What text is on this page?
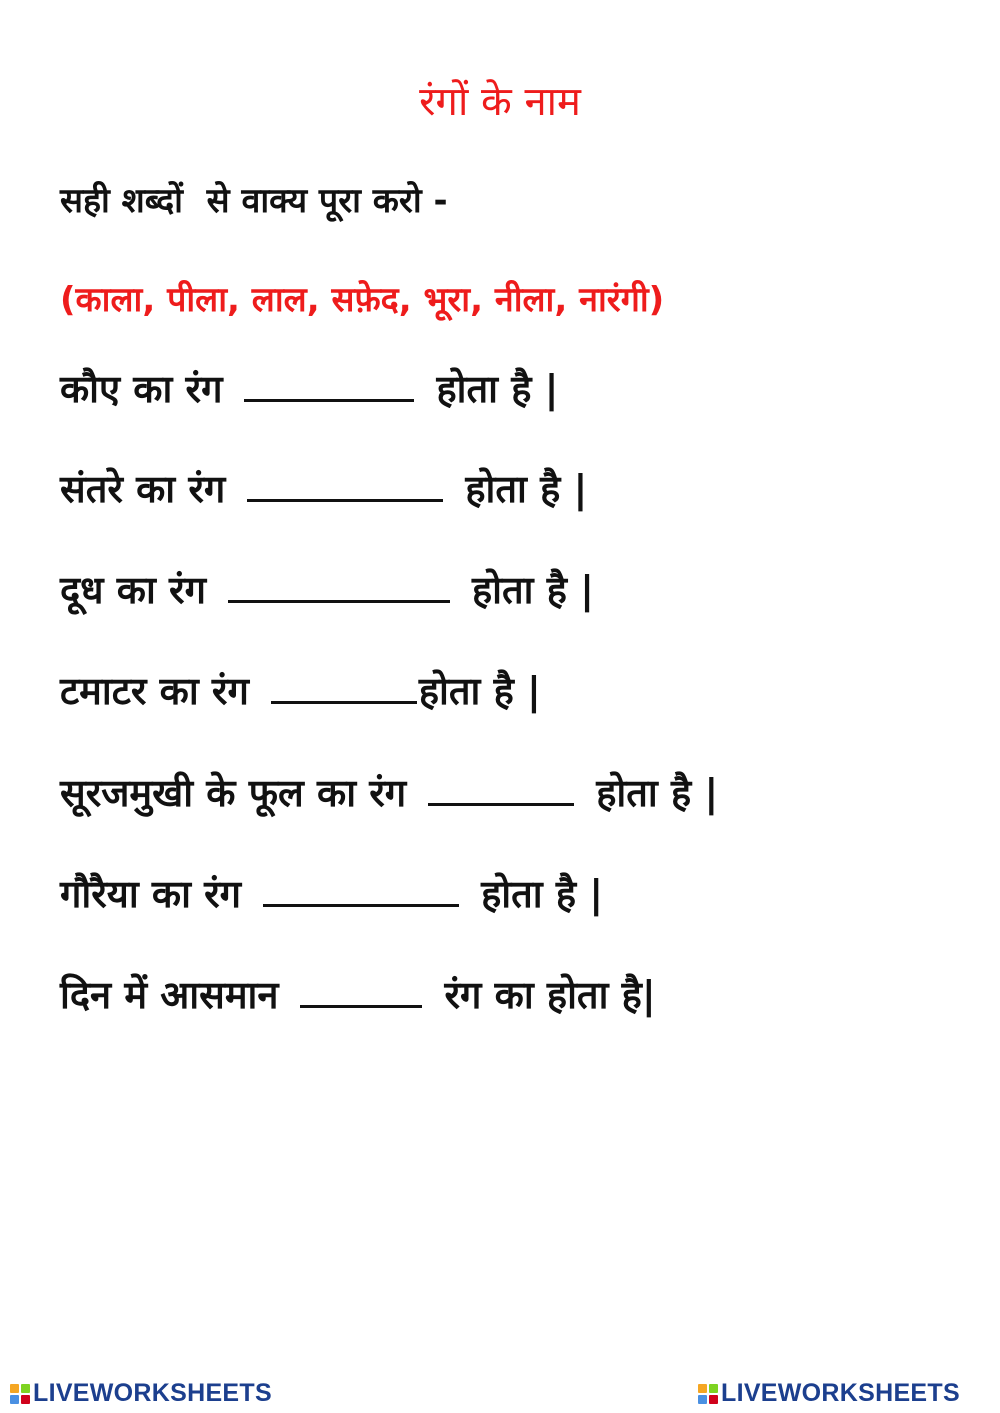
रंगों के नाम
सही शब्दों  से वाक्य पूरा करो -
(काला, पीला, लाल, सफ़ेद, भूरा, नीला, नारंगी)
कौए का रंग	होता है |
संतरे का रंग	होता है |
दूध का रंग	होता है |
टमाटर का रंग	होता है |
सूरजमुखी के फूल का रंग	होता है |
गौरैया का रंग	होता है |
दिन में आसमान	रंग का होता है|
LIVEWORKSHEETS	LIVEWORKSHEETS
